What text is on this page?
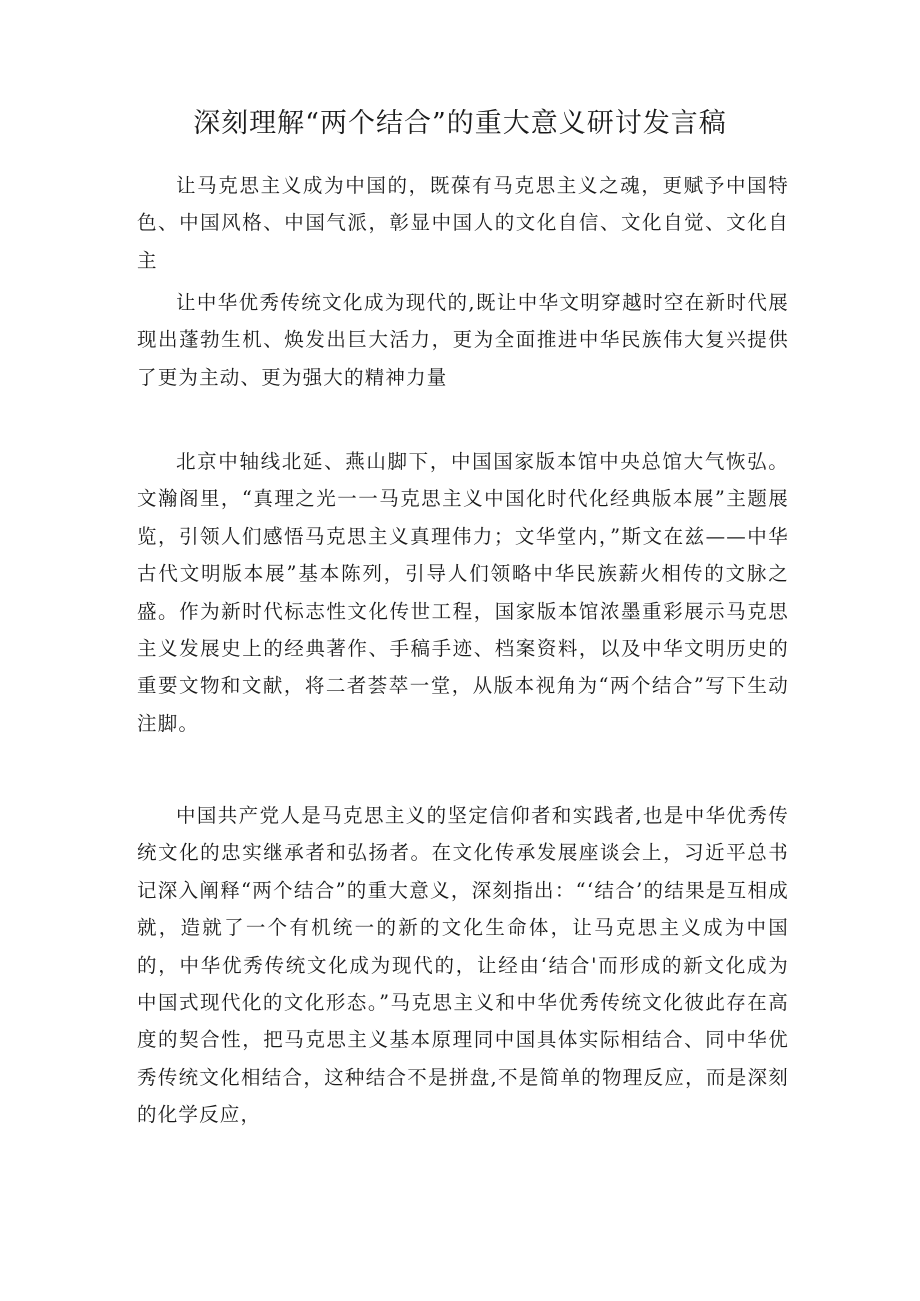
深刻理解“两个结合”的重大意义研讨发言稿

让马克思主义成为中国的，既葆有马克思主义之魂，更赋予中国特色、中国风格、中国气派，彰显中国人的文化自信、文化自觉、文化自主

让中华优秀传统文化成为现代的,既让中华文明穿越时空在新时代展现出蓬勃生机、焕发出巨大活力，更为全面推进中华民族伟大复兴提供了更为主动、更为强大的精神力量

北京中轴线北延、燕山脚下，中国国家版本馆中央总馆大气恢弘。文瀚阁里，“真理之光一一马克思主义中国化时代化经典版本展”主题展览，引领人们感悟马克思主义真理伟力；文华堂内，”斯文在兹——中华古代文明版本展”基本陈列，引导人们领略中华民族薪火相传的文脉之盛。作为新时代标志性文化传世工程，国家版本馆浓墨重彩展示马克思主义发展史上的经典著作、手稿手迹、档案资料，以及中华文明历史的重要文物和文献，将二者荟萃一堂，从版本视角为“两个结合”写下生动注脚。

中国共产党人是马克思主义的坚定信仰者和实践者,也是中华优秀传统文化的忠实继承者和弘扬者。在文化传承发展座谈会上，习近平总书记深入阐释“两个结合”的重大意义，深刻指出：“‘结合’的结果是互相成就，造就了一个有机统一的新的文化生命体，让马克思主义成为中国的，中华优秀传统文化成为现代的，让经由‘结合'而形成的新文化成为中国式现代化的文化形态。”马克思主义和中华优秀传统文化彼此存在高度的契合性，把马克思主义基本原理同中国具体实际相结合、同中华优秀传统文化相结合，这种结合不是拼盘,不是简单的物理反应，而是深刻的化学反应，
